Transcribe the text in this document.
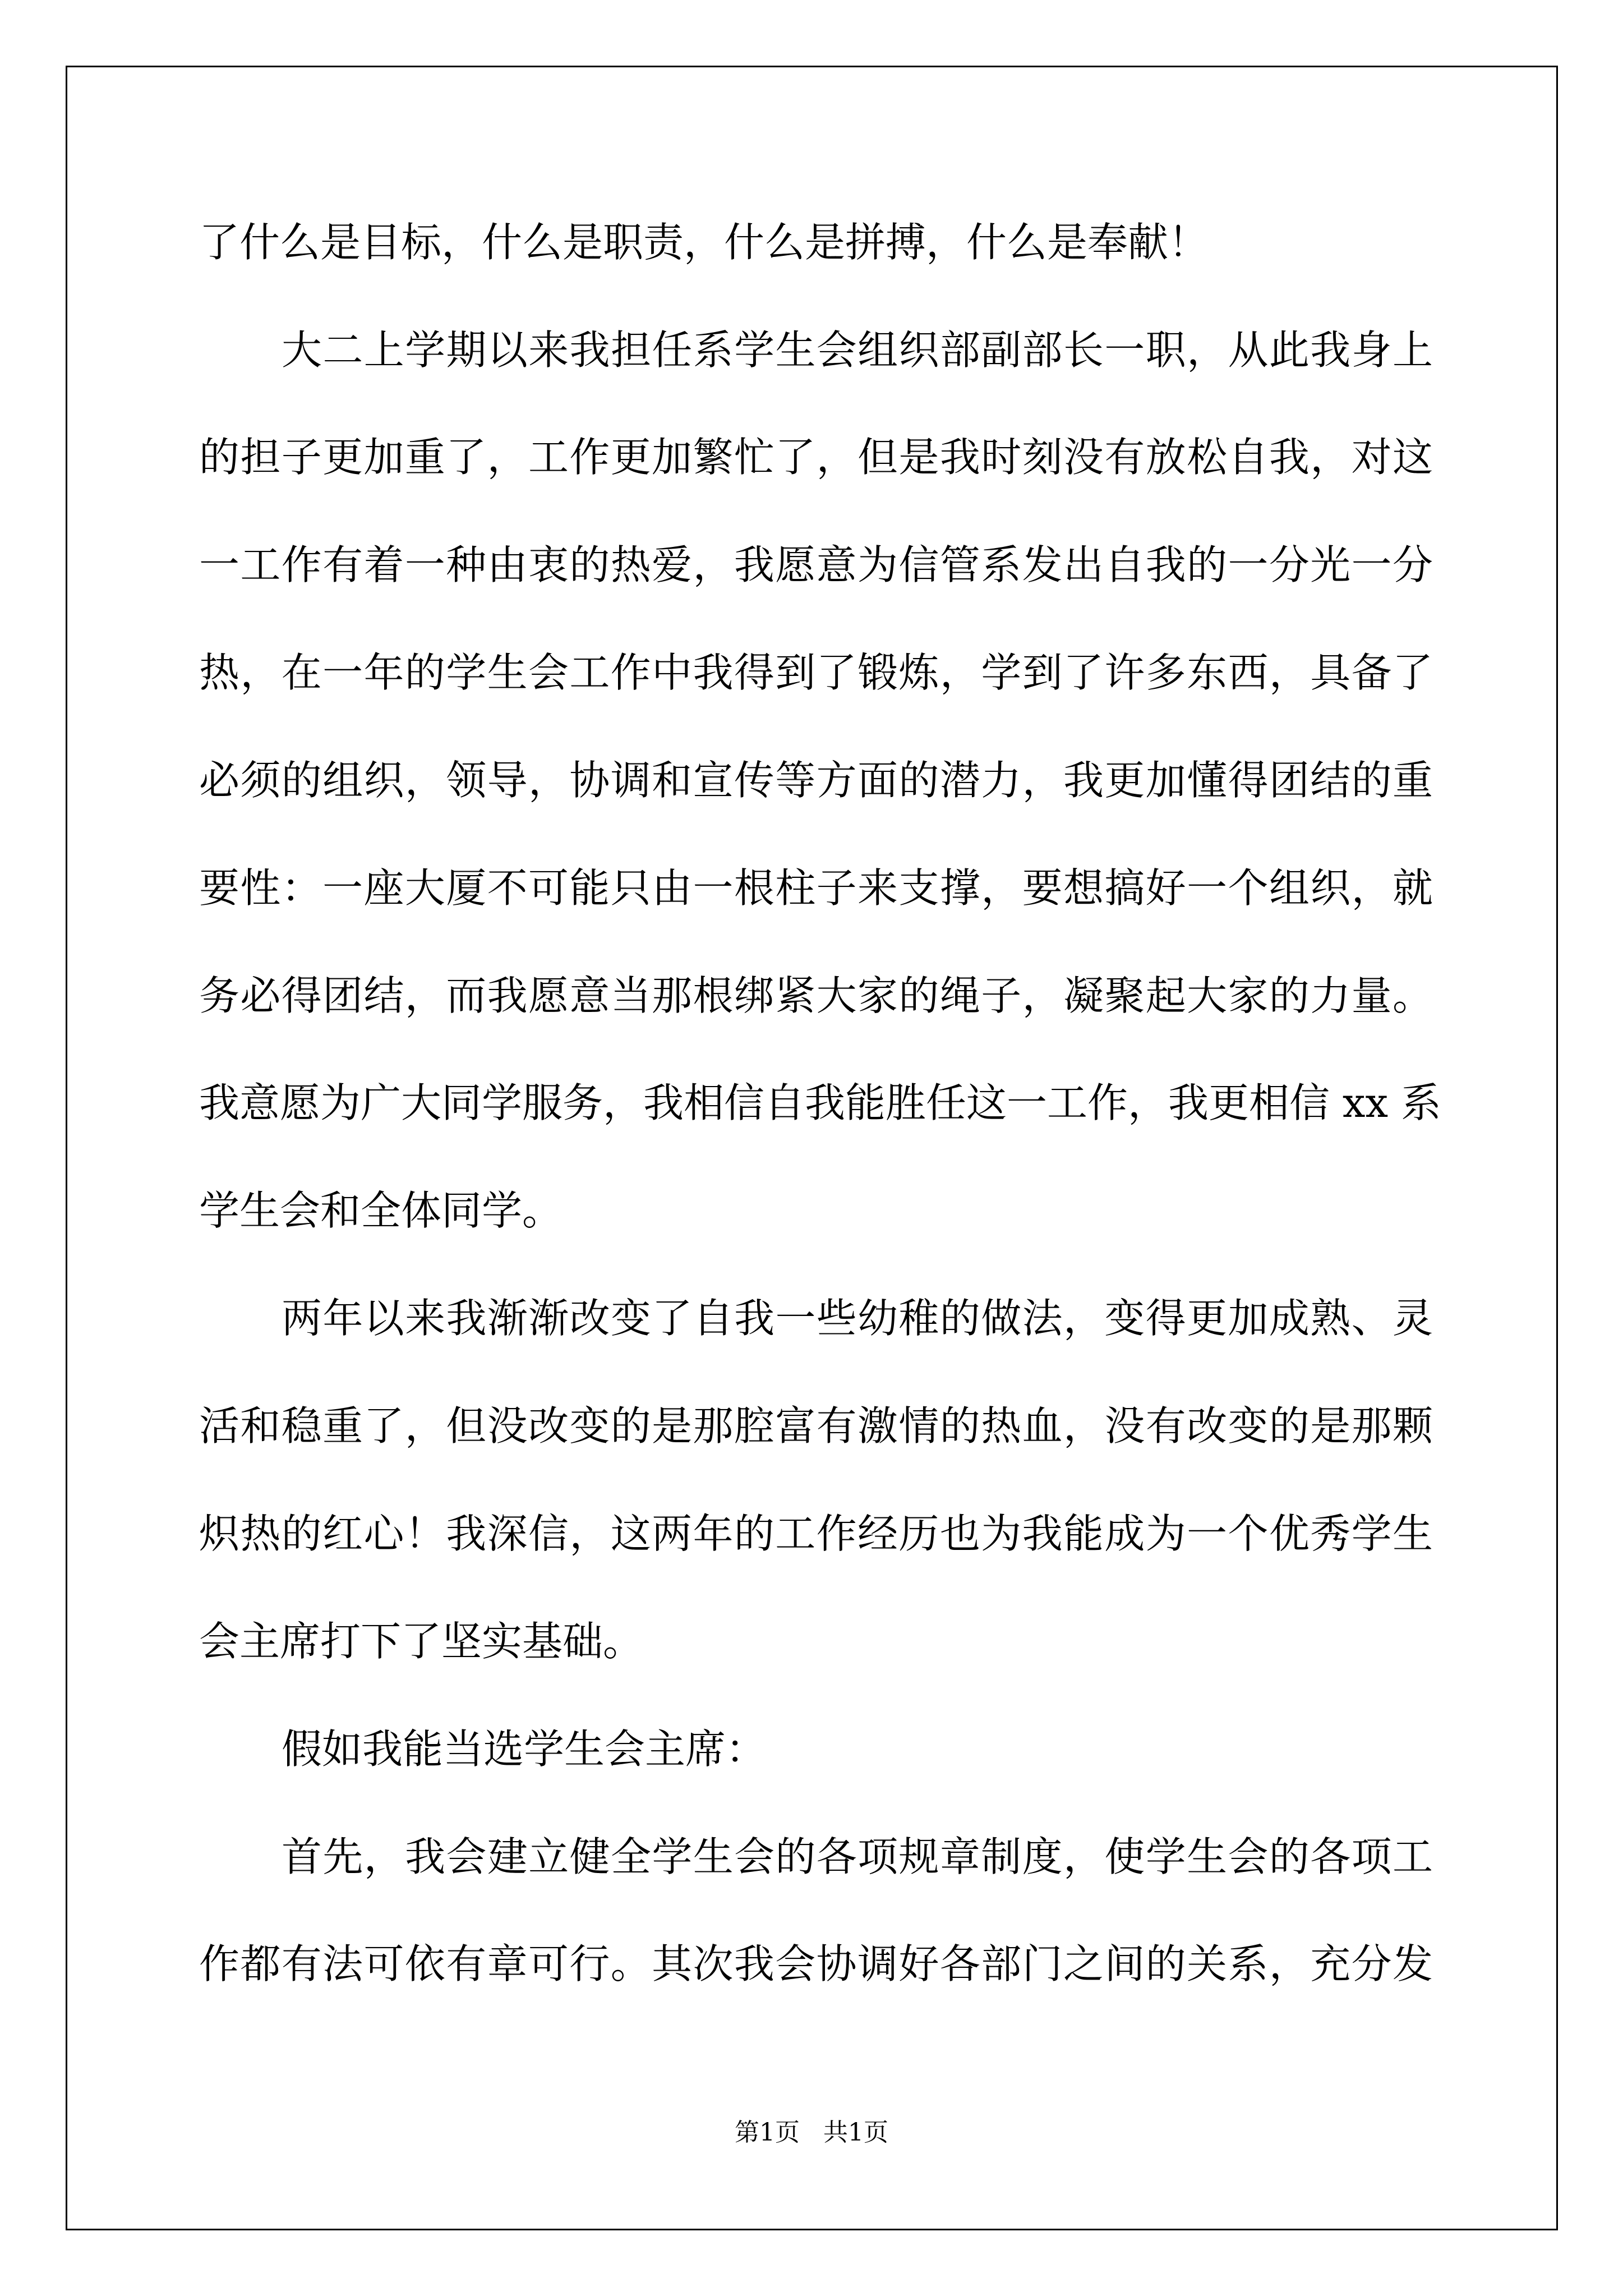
了什么是目标，什么是职责，什么是拼搏，什么是奉献！
大二上学期以来我担任系学生会组织部副部长一职，从此我身上
的担子更加重了，工作更加繁忙了，但是我时刻没有放松自我，对这
一工作有着一种由衷的热爱，我愿意为信管系发出自我的一分光一分
热，在一年的学生会工作中我得到了锻炼，学到了许多东西，具备了
必须的组织，领导，协调和宣传等方面的潜力，我更加懂得团结的重
要性：一座大厦不可能只由一根柱子来支撑，要想搞好一个组织，就
务必得团结，而我愿意当那根绑紧大家的绳子，凝聚起大家的力量。
我意愿为广大同学服务，我相信自我能胜任这一工作，我更相信 xx 系
学生会和全体同学。
两年以来我渐渐改变了自我一些幼稚的做法，变得更加成熟、灵
活和稳重了，但没改变的是那腔富有激情的热血，没有改变的是那颗
炽热的红心！我深信，这两年的工作经历也为我能成为一个优秀学生
会主席打下了坚实基础。
假如我能当选学生会主席：
首先，我会建立健全学生会的各项规章制度，使学生会的各项工
作都有法可依有章可行。其次我会协调好各部门之间的关系，充分发
第1页   共1页
